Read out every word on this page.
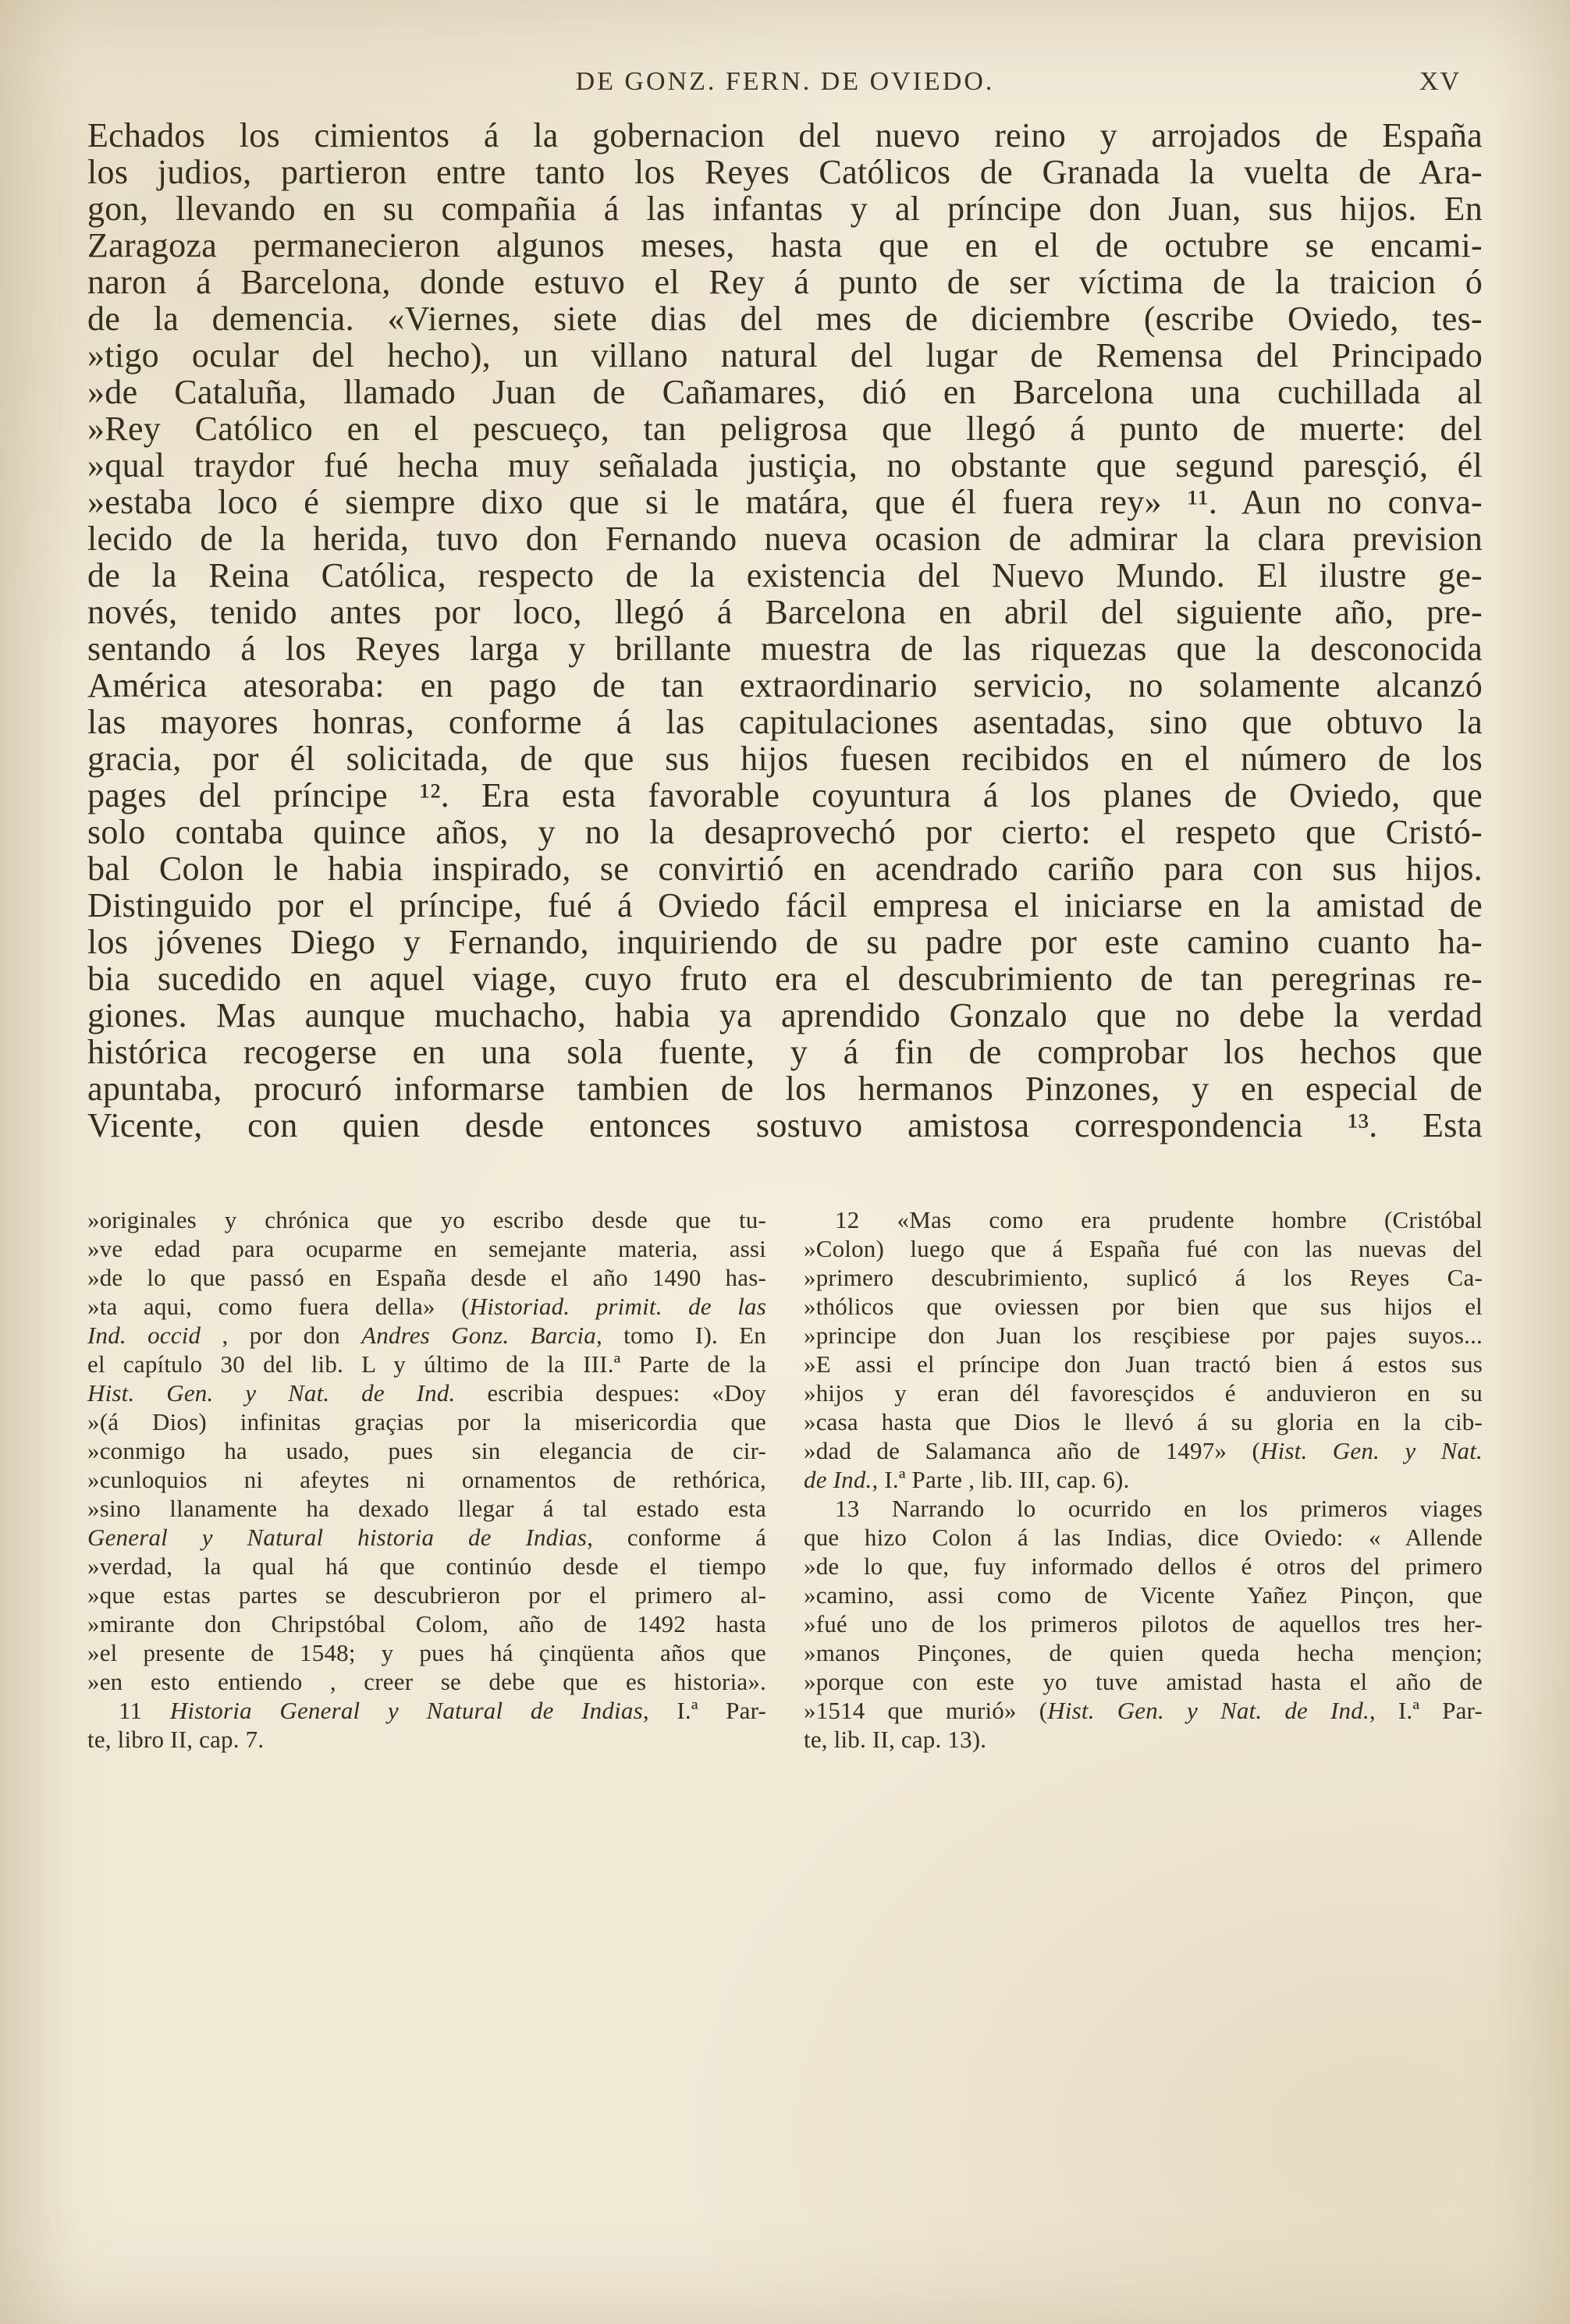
DE GONZ. FERN. DE OVIEDO.	XV
Echados los cimientos á la gobernacion del nuevo reino y arrojados de España
los judios, partieron entre tanto los Reyes Católicos de Granada la vuelta de Ara-
gon, llevando en su compañia á las infantas y al príncipe don Juan, sus hijos. En
Zaragoza permanecieron algunos meses, hasta que en el de octubre se encami-
naron á Barcelona, donde estuvo el Rey á punto de ser víctima de la traicion ó
de la demencia. «Viernes, siete dias del mes de diciembre (escribe Oviedo, tes-
»tigo ocular del hecho), un villano natural del lugar de Remensa del Principado
»de Cataluña, llamado Juan de Cañamares, dió en Barcelona una cuchillada al
»Rey Católico en el pescueço, tan peligrosa que llegó á punto de muerte: del
»qual traydor fué hecha muy señalada justiçia, no obstante que segund paresçió, él
»estaba loco é siempre dixo que si le matára, que él fuera rey» ¹¹. Aun no conva-
lecido de la herida, tuvo don Fernando nueva ocasion de admirar la clara prevision
de la Reina Católica, respecto de la existencia del Nuevo Mundo. El ilustre ge-
novés, tenido antes por loco, llegó á Barcelona en abril del siguiente año, pre-
sentando á los Reyes larga y brillante muestra de las riquezas que la desconocida
América atesoraba: en pago de tan extraordinario servicio, no solamente alcanzó
las mayores honras, conforme á las capitulaciones asentadas, sino que obtuvo la
gracia, por él solicitada, de que sus hijos fuesen recibidos en el número de los
pages del príncipe ¹². Era esta favorable coyuntura á los planes de Oviedo, que
solo contaba quince años, y no la desaprovechó por cierto: el respeto que Cristó-
bal Colon le habia inspirado, se convirtió en acendrado cariño para con sus hijos.
Distinguido por el príncipe, fué á Oviedo fácil empresa el iniciarse en la amistad de
los jóvenes Diego y Fernando, inquiriendo de su padre por este camino cuanto ha-
bia sucedido en aquel viage, cuyo fruto era el descubrimiento de tan peregrinas re-
giones. Mas aunque muchacho, habia ya aprendido Gonzalo que no debe la verdad
histórica recogerse en una sola fuente, y á fin de comprobar los hechos que
apuntaba, procuró informarse tambien de los hermanos Pinzones, y en especial de
Vicente, con quien desde entonces sostuvo amistosa correspondencia ¹³. Esta
»originales y chrónica que yo escribo desde que tu-
»ve edad para ocuparme en semejante materia, assi
»de lo que passó en España desde el año 1490 has-
»ta aqui, como fuera della» (Historiad. primit. de las
Ind. occid , por don Andres Gonz. Barcia, tomo I). En
el capítulo 30 del lib. L y último de la III.ª Parte de la
Hist. Gen. y Nat. de Ind. escribia despues: «Doy
»(á Dios) infinitas graçias por la misericordia que
»conmigo ha usado, pues sin elegancia de cir-
»cunloquios ni afeytes ni ornamentos de rethórica,
»sino llanamente ha dexado llegar á tal estado esta
General y Natural historia de Indias, conforme á
»verdad, la qual há que continúo desde el tiempo
»que estas partes se descubrieron por el primero al-
»mirante don Chripstóbal Colom, año de 1492 hasta
»el presente de 1548; y pues há çinqüenta años que
»en esto entiendo , creer se debe que es historia».
11 Historia General y Natural de Indias, I.ª Par-
te, libro II, cap. 7.
12 «Mas como era prudente hombre (Cristóbal
»Colon) luego que á España fué con las nuevas del
»primero descubrimiento, suplicó á los Reyes Ca-
»thólicos que oviessen por bien que sus hijos el
»principe don Juan los resçibiese por pajes suyos...
»E assi el príncipe don Juan tractó bien á estos sus
»hijos y eran dél favoresçidos é anduvieron en su
»casa hasta que Dios le llevó á su gloria en la cib-
»dad de Salamanca año de 1497» (Hist. Gen. y Nat.
de Ind., I.ª Parte , lib. III, cap. 6).
13 Narrando lo ocurrido en los primeros viages
que hizo Colon á las Indias, dice Oviedo: « Allende
»de lo que, fuy informado dellos é otros del primero
»camino, assi como de Vicente Yañez Pinçon, que
»fué uno de los primeros pilotos de aquellos tres her-
»manos Pinçones, de quien queda hecha mençion;
»porque con este yo tuve amistad hasta el año de
»1514 que murió» (Hist. Gen. y Nat. de Ind., I.ª Par-
te, lib. II, cap. 13).
